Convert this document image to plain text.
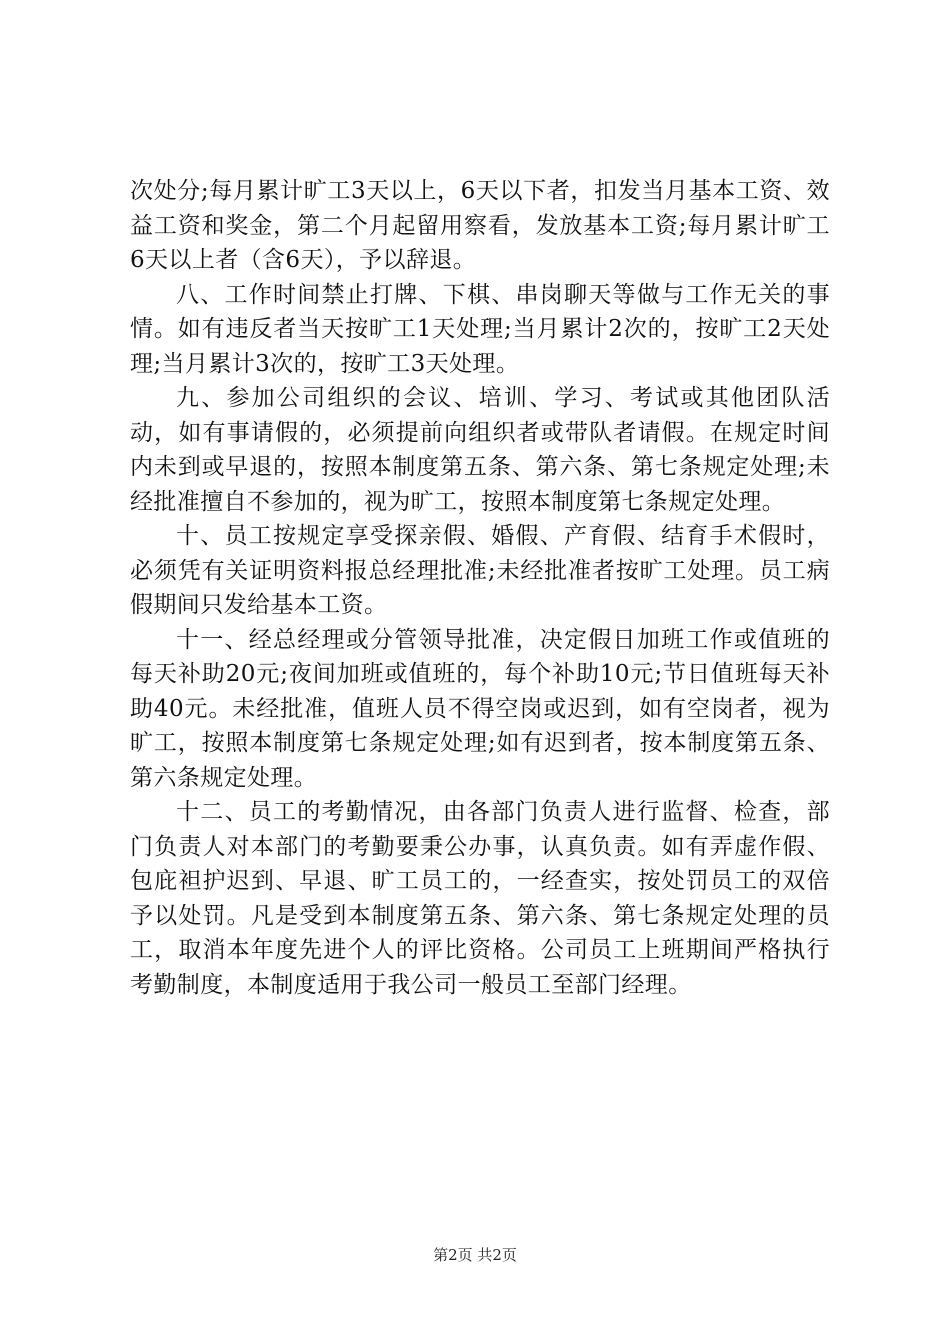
次处分;每月累计旷工3天以上，6天以下者，扣发当月基本工资、效益工资和奖金，第二个月起留用察看，发放基本工资;每月累计旷工6天以上者（含6天），予以辞退。

八、工作时间禁止打牌、下棋、串岗聊天等做与工作无关的事情。如有违反者当天按旷工1天处理;当月累计2次的，按旷工2天处理;当月累计3次的，按旷工3天处理。

九、参加公司组织的会议、培训、学习、考试或其他团队活动，如有事请假的，必须提前向组织者或带队者请假。在规定时间内未到或早退的，按照本制度第五条、第六条、第七条规定处理;未经批准擅自不参加的，视为旷工，按照本制度第七条规定处理。

十、员工按规定享受探亲假、婚假、产育假、结育手术假时，必须凭有关证明资料报总经理批准;未经批准者按旷工处理。员工病假期间只发给基本工资。

十一、经总经理或分管领导批准，决定假日加班工作或值班的每天补助20元;夜间加班或值班的，每个补助10元;节日值班每天补助40元。未经批准，值班人员不得空岗或迟到，如有空岗者，视为旷工，按照本制度第七条规定处理;如有迟到者，按本制度第五条、第六条规定处理。

十二、员工的考勤情况，由各部门负责人进行监督、检查，部门负责人对本部门的考勤要秉公办事，认真负责。如有弄虚作假、包庇袒护迟到、早退、旷工员工的，一经查实，按处罚员工的双倍予以处罚。凡是受到本制度第五条、第六条、第七条规定处理的员工，取消本年度先进个人的评比资格。公司员工上班期间严格执行考勤制度，本制度适用于我公司一般员工至部门经理。

第2页 共2页
